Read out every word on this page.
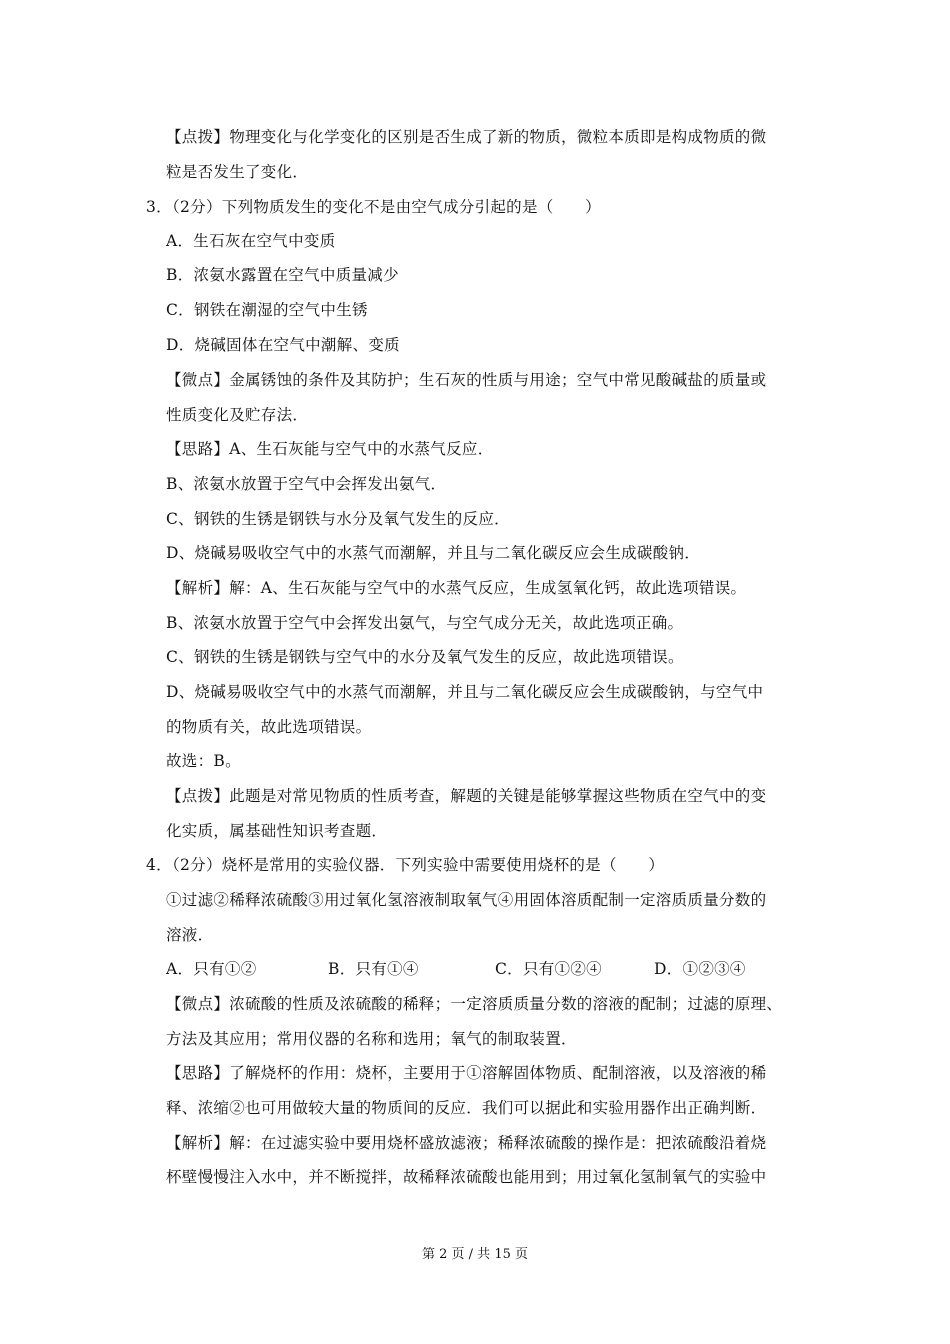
【点拨】物理变化与化学变化的区别是否生成了新的物质，微粒本质即是构成物质的微
粒是否发生了变化．
3．（2分）下列物质发生的变化不是由空气成分引起的是（　　）
A．生石灰在空气中变质
B．浓氨水露置在空气中质量减少
C．钢铁在潮湿的空气中生锈
D．烧碱固体在空气中潮解、变质
【微点】金属锈蚀的条件及其防护；生石灰的性质与用途；空气中常见酸碱盐的质量或
性质变化及贮存法．
【思路】A、生石灰能与空气中的水蒸气反应．
B、浓氨水放置于空气中会挥发出氨气．
C、钢铁的生锈是钢铁与水分及氧气发生的反应．
D、烧碱易吸收空气中的水蒸气而潮解，并且与二氧化碳反应会生成碳酸钠．
【解析】解：A、生石灰能与空气中的水蒸气反应，生成氢氧化钙，故此选项错误。
B、浓氨水放置于空气中会挥发出氨气，与空气成分无关，故此选项正确。
C、钢铁的生锈是钢铁与空气中的水分及氧气发生的反应，故此选项错误。
D、烧碱易吸收空气中的水蒸气而潮解，并且与二氧化碳反应会生成碳酸钠，与空气中
的物质有关，故此选项错误。
故选：B。
【点拨】此题是对常见物质的性质考查，解题的关键是能够掌握这些物质在空气中的变
化实质，属基础性知识考查题．
4．（2分）烧杯是常用的实验仪器．下列实验中需要使用烧杯的是（　　）
①过滤②稀释浓硫酸③用过氧化氢溶液制取氧气④用固体溶质配制一定溶质质量分数的
溶液．
A．只有①②	B．只有①④	C．只有①②④	D．①②③④
【微点】浓硫酸的性质及浓硫酸的稀释；一定溶质质量分数的溶液的配制；过滤的原理、
方法及其应用；常用仪器的名称和选用；氧气的制取装置．
【思路】了解烧杯的作用：烧杯，主要用于①溶解固体物质、配制溶液，以及溶液的稀
释、浓缩②也可用做较大量的物质间的反应．我们可以据此和实验用器作出正确判断．
【解析】解：在过滤实验中要用烧杯盛放滤液；稀释浓硫酸的操作是：把浓硫酸沿着烧
杯壁慢慢注入水中，并不断搅拌，故稀释浓硫酸也能用到；用过氧化氢制氧气的实验中
第 2 页 / 共 15 页
